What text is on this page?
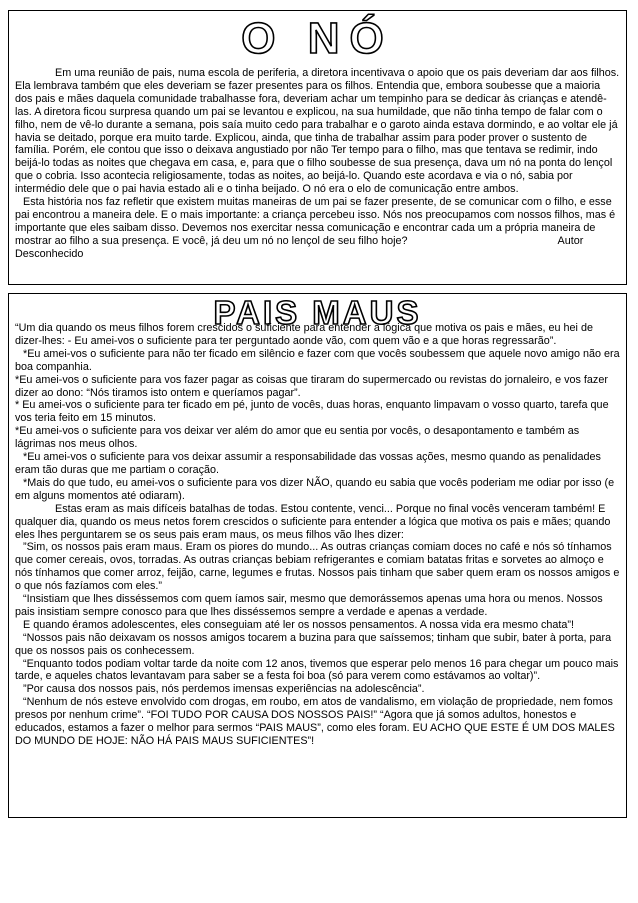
O NÓ

Em uma reunião de pais, numa escola de periferia, a diretora incentivava o apoio que os pais deveriam dar aos filhos. Ela lembrava também que eles deveriam se fazer presentes para os filhos. Entendia que, embora soubesse que a maioria dos pais e mães daquela comunidade trabalhasse fora, deveriam achar um tempinho para se dedicar às crianças e atendê-las. A diretora ficou surpresa quando um pai se levantou e explicou, na sua humildade, que não tinha tempo de falar com o filho, nem de vê-lo durante a semana, pois saía muito cedo para trabalhar e o garoto ainda estava dormindo, e ao voltar ele já havia se deitado, porque era muito tarde. Explicou, ainda, que tinha de trabalhar assim para poder prover o sustento de família. Porém, ele contou que isso o deixava angustiado por não Ter tempo para o filho, mas que tentava se redimir, indo beijá-lo todas as noites que chegava em casa, e, para que o filho soubesse de sua presença, dava um nó na ponta do lençol que o cobria. Isso acontecia religiosamente, todas as noites, ao beijá-lo. Quando este acordava e via o nó, sabia por intermédio dele que o pai havia estado ali e o tinha beijado. O nó era o elo de comunicação entre ambos.

Esta história nos faz refletir que existem muitas maneiras de um pai se fazer presente, de se comunicar com o filho, e esse pai encontrou a maneira dele. E o mais importante: a criança percebeu isso. Nós nos preocupamos com nossos filhos, mas é importante que eles saibam disso. Devemos nos exercitar nessa comunicação e encontrar cada um a própria maneira de mostrar ao filho a sua presença. E você, já deu um nó no lençol de seu filho hoje?	Autor Desconhecido

PAIS MAUS

“Um dia quando os meus filhos forem crescidos o suficiente para entender a lógica que motiva os pais e mães, eu hei de dizer-lhes: - Eu amei-vos o suficiente para ter perguntado aonde vão, com quem vão e a que horas regressarão”.

*Eu amei-vos o suficiente para não ter ficado em silêncio e fazer com que vocês soubessem que aquele novo amigo não era boa companhia.

*Eu amei-vos o suficiente para vos fazer pagar as coisas que tiraram do supermercado ou revistas do jornaleiro, e vos fazer dizer ao dono: “Nós tiramos isto ontem e queríamos pagar”.

* Eu amei-vos o suficiente para ter ficado em pé, junto de vocês, duas horas, enquanto limpavam o vosso quarto, tarefa que vos teria feito em 15 minutos.

*Eu amei-vos o suficiente para vos deixar ver além do amor que eu sentia por vocês, o desapontamento e também as lágrimas nos meus olhos.

*Eu amei-vos o suficiente para vos deixar assumir a responsabilidade das vossas ações, mesmo quando as penalidades eram tão duras que me partiam o coração.

*Mais do que tudo, eu amei-vos o suficiente para vos dizer NÃO, quando eu sabia que vocês poderiam me odiar por isso (e em alguns momentos até odiaram).

Estas eram as mais difíceis batalhas de todas. Estou contente, venci... Porque no final vocês venceram também! E qualquer dia, quando os meus netos forem crescidos o suficiente para entender a lógica que motiva os pais e mães; quando eles lhes perguntarem se os seus pais eram maus, os meus filhos vão lhes dizer:

”Sim, os nossos pais eram maus. Eram os piores do mundo... As outras crianças comiam doces no café e nós só tínhamos que comer cereais, ovos, torradas. As outras crianças bebiam refrigerantes e comiam batatas fritas e sorvetes ao almoço e nós tínhamos que comer arroz, feijão, carne, legumes e frutas. Nossos pais tinham que saber quem eram os nossos amigos e o que nós fazíamos com eles.”

“Insistiam que lhes disséssemos com quem íamos sair, mesmo que demorássemos apenas uma hora ou menos. Nossos pais insistiam sempre conosco para que lhes disséssemos sempre a verdade e apenas a verdade.

E quando éramos adolescentes, eles conseguiam até ler os nossos pensamentos. A nossa vida era mesmo chata”!

“Nossos pais não deixavam os nossos amigos tocarem a buzina para que saíssemos; tinham que subir, bater à porta, para que os nossos pais os conhecessem.

“Enquanto todos podiam voltar tarde da noite com 12 anos, tivemos que esperar pelo menos 16 para chegar um pouco mais tarde, e aqueles chatos levantavam para saber se a festa foi boa (só para verem como estávamos ao voltar)”.

”Por causa dos nossos pais, nós perdemos imensas experiências na adolescência”.

“Nenhum de nós esteve envolvido com drogas, em roubo, em atos de vandalismo, em violação de propriedade, nem fomos presos por nenhum crime”. “FOI TUDO POR CAUSA DOS NOSSOS PAIS!” “Agora que já somos adultos, honestos e educados, estamos a fazer o melhor para sermos “PAIS MAUS”, como eles foram. EU ACHO QUE ESTE É UM DOS MALES DO MUNDO DE HOJE: NÃO HÁ PAIS MAUS SUFICIENTES”!
